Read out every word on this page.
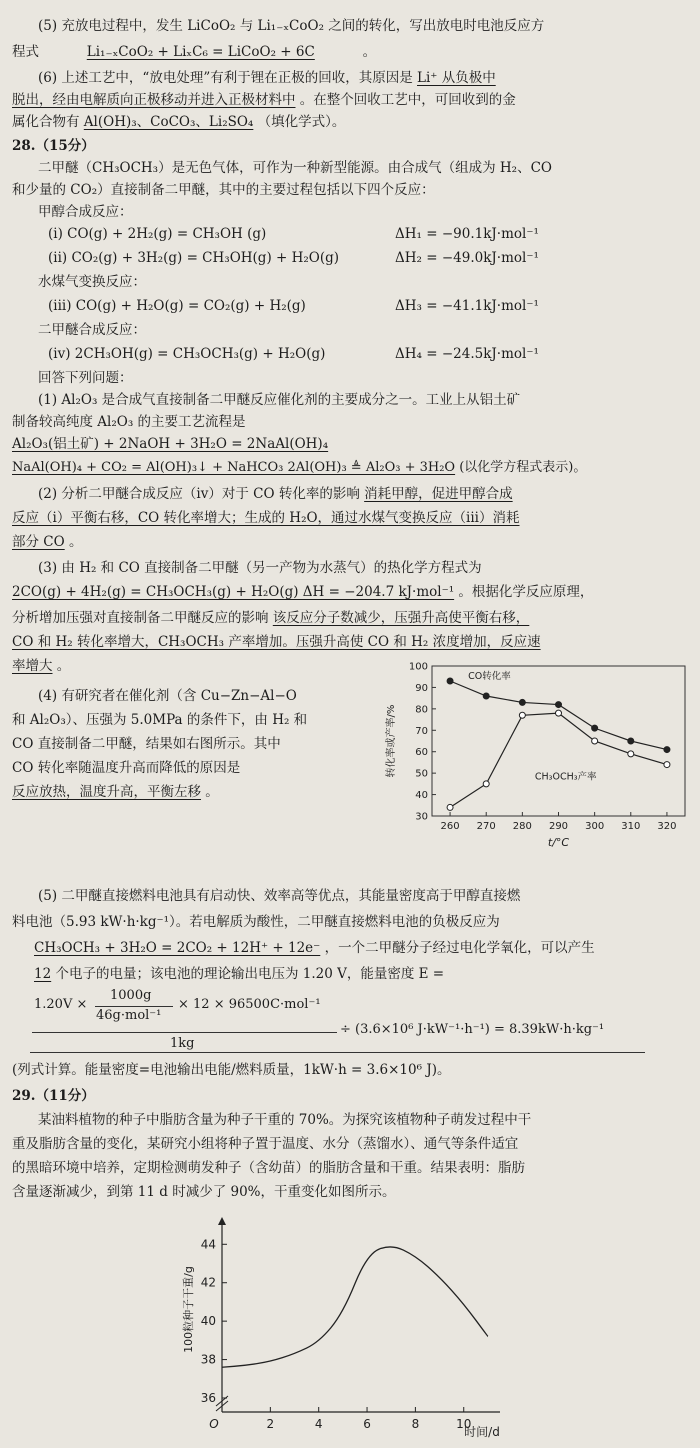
(5) 充放电过程中，发生 LiCoO₂ 与 Li₁₋ₓCoO₂ 之间的转化，写出放电时电池反应方
程式	Li₁₋ₓCoO₂ + LiₓC₆ = LiCoO₂ + 6C	。
(6) 上述工艺中，“放电处理”有利于锂在正极的回收，其原因是 Li⁺ 从负极中
脱出，经由电解质向正极移动并进入正极材料中 。在整个回收工艺中，可回收到的金
属化合物有 Al(OH)₃、CoCO₃、Li₂SO₄ （填化学式）。
28.（15分）
二甲醚（CH₃OCH₃）是无色气体，可作为一种新型能源。由合成气（组成为 H₂、CO
和少量的 CO₂）直接制备二甲醚，其中的主要过程包括以下四个反应：
甲醇合成反应：
(i) CO(g) + 2H₂(g) = CH₃OH (g)	ΔH₁ = −90.1kJ·mol⁻¹
(ii) CO₂(g) + 3H₂(g) = CH₃OH(g) + H₂O(g)	ΔH₂ = −49.0kJ·mol⁻¹
水煤气变换反应：
(iii) CO(g) + H₂O(g) = CO₂(g) + H₂(g)	ΔH₃ = −41.1kJ·mol⁻¹
二甲醚合成反应：
(iv) 2CH₃OH(g) = CH₃OCH₃(g) + H₂O(g)	ΔH₄ = −24.5kJ·mol⁻¹
回答下列问题：
(1) Al₂O₃ 是合成气直接制备二甲醚反应催化剂的主要成分之一。工业上从铝土矿
制备较高纯度 Al₂O₃ 的主要工艺流程是
Al₂O₃(铝土矿) + 2NaOH + 3H₂O = 2NaAl(OH)₄
NaAl(OH)₄ + CO₂ = Al(OH)₃↓ + NaHCO₃ 2Al(OH)₃ ≜ Al₂O₃ + 3H₂O (以化学方程式表示)。
(2) 分析二甲醚合成反应（iv）对于 CO 转化率的影响 消耗甲醇，促进甲醇合成
反应（i）平衡右移，CO 转化率增大；生成的 H₂O，通过水煤气变换反应（iii）消耗
部分 CO 。
(3) 由 H₂ 和 CO 直接制备二甲醚（另一产物为水蒸气）的热化学方程式为
2CO(g) + 4H₂(g) = CH₃OCH₃(g) + H₂O(g) ΔH = −204.7 kJ·mol⁻¹ 。根据化学反应原理，
分析增加压强对直接制备二甲醚反应的影响 该反应分子数减少，压强升高使平衡右移，
CO 和 H₂ 转化率增大，CH₃OCH₃ 产率增加。压强升高使 CO 和 H₂ 浓度增加，反应速
率增大 。
(4) 有研究者在催化剂（含 Cu−Zn−Al−O
和 Al₂O₃）、压强为 5.0MPa 的条件下，由 H₂ 和
CO 直接制备二甲醚，结果如右图所示。其中
CO 转化率随温度升高而降低的原因是
反应放热，温度升高，平衡左移 。
30
40
50
60
70
80
90
100
260 270 280 290 300 310 320
t/°C
转化率或产率/%
CO转化率
CH₃OCH₃产率
(5) 二甲醚直接燃料电池具有启动快、效率高等优点，其能量密度高于甲醇直接燃
料电池（5.93 kW·h·kg⁻¹）。若电解质为酸性，二甲醚直接燃料电池的负极反应为
CH₃OCH₃ + 3H₂O = 2CO₂ + 12H⁺ + 12e⁻ ，一个二甲醚分子经过电化学氧化，可以产生
12 个电子的电量；该电池的理论输出电压为 1.20 V，能量密度 E =
1000g
1.20V ×
46g·mol⁻¹
× 12 × 96500C·mol⁻¹
÷ (3.6×10⁶ J·kW⁻¹·h⁻¹) = 8.39kW·h·kg⁻¹
1kg
(列式计算。能量密度=电池输出电能/燃料质量，1kW·h = 3.6×10⁶ J)。
29.（11分）
某油料植物的种子中脂肪含量为种子干重的 70%。为探究该植物种子萌发过程中干
重及脂肪含量的变化，某研究小组将种子置于温度、水分（蒸馏水）、通气等条件适宜
的黑暗环境中培养，定期检测萌发种子（含幼苗）的脂肪含量和干重。结果表明：脂肪
含量逐渐减少，到第 11 d 时减少了 90%，干重变化如图所示。
36
38
40
42
44
O	2	4	6	8	10
时间/d
100粒种子干重/g
